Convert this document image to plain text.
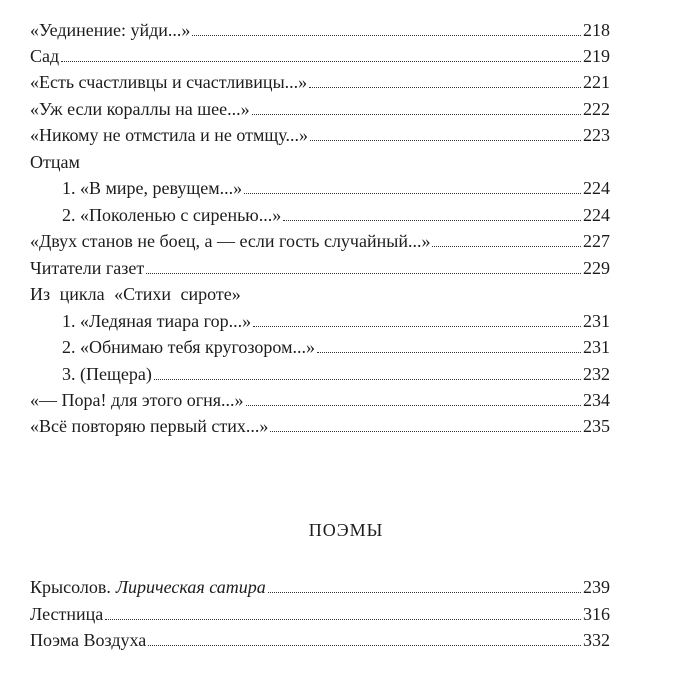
«Уединение: уйди...»	218
Сад	219
«Есть счастливцы и счастливицы...»	221
«Уж если кораллы на шее...»	222
«Никому не отмстила и не отмщу...»	223
Отцам
1. «В мире, ревущем...»	224
2. «Поколенью с сиренью...»	224
«Двух станов не боец, а — если гость случайный...»	227
Читатели газет	229
Из цикла «Стихи сироте»
1. «Ледяная тиара гор...»	231
2. «Обнимаю тебя кругозором...»	231
3. (Пещера)	232
«— Пора! для этого огня...»	234
«Всё повторяю первый стих...»	235
ПОЭМЫ
Крысолов. Лирическая сатира	239
Лестница	316
Поэма Воздуха	332
